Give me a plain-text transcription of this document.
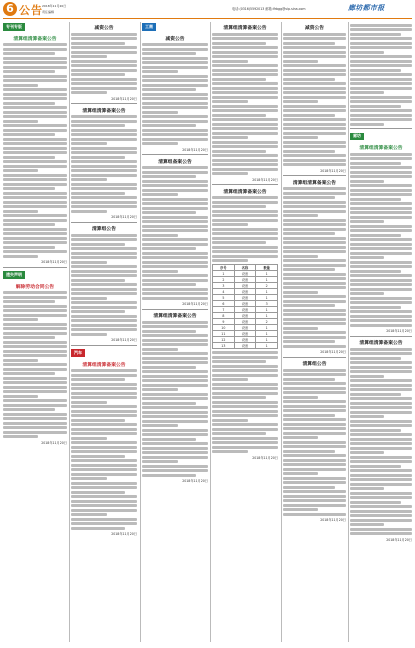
6 公告 2018年11月20日
责任编辑
电话:(0316)5592013 邮箱:lfrbgg@vip.sina.com	廊坊都市报
专刊专版
清算组清算备案公告
2018年11月20日
遗失声明
解除劳动合同公告
2018年11月20日
减资公告
2018年11月20日
清算组清算备案公告
2018年11月20日
清算组公告
2018年11月20日
汽车
清算组清算备案公告
2018年11月20日
工商
减资公告
2018年11月20日
清算组备案公告
2018年11月20日
清算组清算备案公告
2018年11月20日
清算组清算备案公告
2018年11月20日
清算组清算备案公告
序号	名称	数量
1	设备	1
2	设备	1
3	设备	2
4	设备	1
5	设备	1
6	设备	3
7	设备	1
8	设备	1
9	设备	2
10	设备	1
11	设备	1
12	设备	1
13	设备	1
2018年11月20日
减资公告
2018年11月20日
清算组清算备案公告
2018年11月20日
清算组公告
2018年11月20日
廊坊
清算组清算备案公告
2018年11月20日
清算组清算备案公告
2018年11月20日
